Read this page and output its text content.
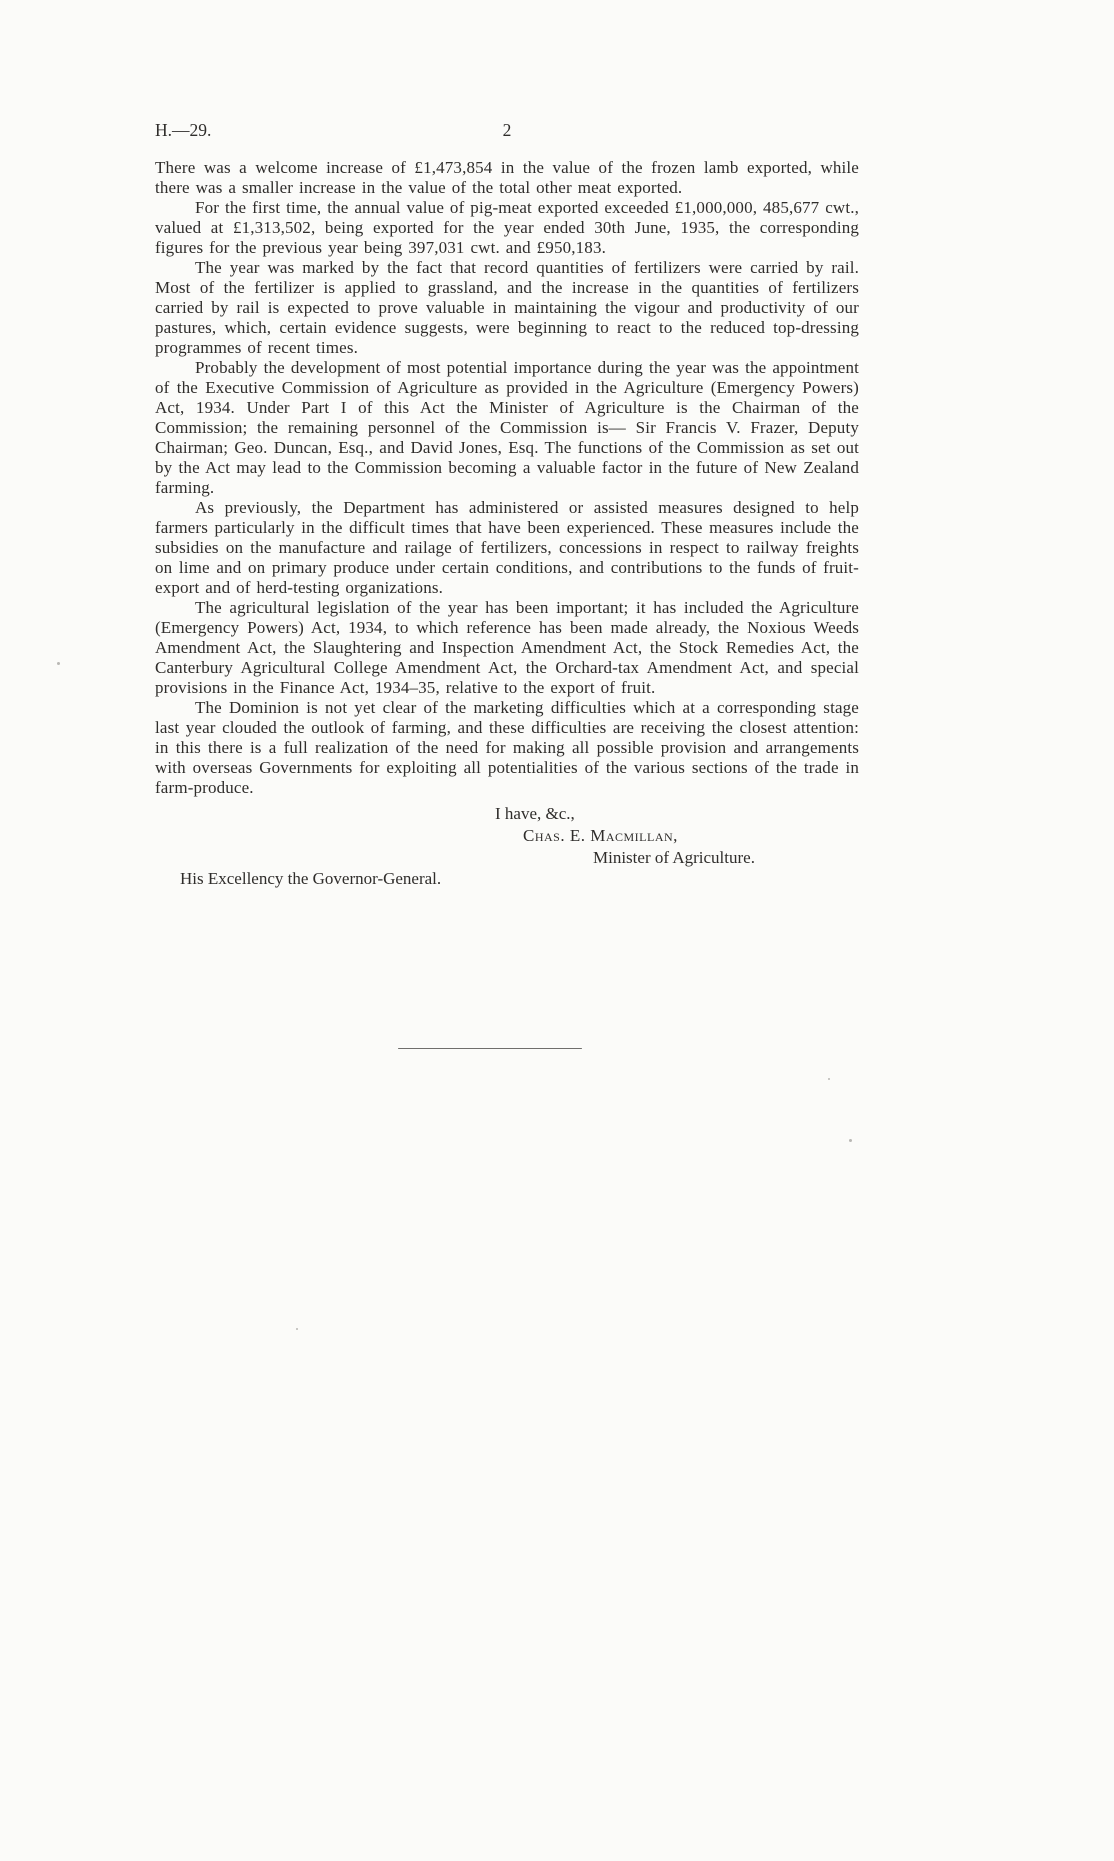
H.—29.	2

There was a welcome increase of £1,473,854 in the value of the frozen lamb exported, while there was a smaller increase in the value of the total other meat exported.

For the first time, the annual value of pig-meat exported exceeded £1,000,000, 485,677 cwt., valued at £1,313,502, being exported for the year ended 30th June, 1935, the corresponding figures for the previous year being 397,031 cwt. and £950,183.

The year was marked by the fact that record quantities of fertilizers were carried by rail. Most of the fertilizer is applied to grassland, and the increase in the quantities of fertilizers carried by rail is expected to prove valuable in maintaining the vigour and productivity of our pastures, which, certain evidence suggests, were beginning to react to the reduced top-dressing programmes of recent times.

Probably the development of most potential importance during the year was the appointment of the Executive Commission of Agriculture as provided in the Agriculture (Emergency Powers) Act, 1934. Under Part I of this Act the Minister of Agriculture is the Chairman of the Commission; the remaining personnel of the Commission is— Sir Francis V. Frazer, Deputy Chairman; Geo. Duncan, Esq., and David Jones, Esq. The functions of the Commission as set out by the Act may lead to the Commission becoming a valuable factor in the future of New Zealand farming.

As previously, the Department has administered or assisted measures designed to help farmers particularly in the difficult times that have been experienced. These measures include the subsidies on the manufacture and railage of fertilizers, concessions in respect to railway freights on lime and on primary produce under certain conditions, and contributions to the funds of fruit-export and of herd-testing organizations.

The agricultural legislation of the year has been important; it has included the Agriculture (Emergency Powers) Act, 1934, to which reference has been made already, the Noxious Weeds Amendment Act, the Slaughtering and Inspection Amendment Act, the Stock Remedies Act, the Canterbury Agricultural College Amendment Act, the Orchard-tax Amendment Act, and special provisions in the Finance Act, 1934–35, relative to the export of fruit.

The Dominion is not yet clear of the marketing difficulties which at a corresponding stage last year clouded the outlook of farming, and these difficulties are receiving the closest attention: in this there is a full realization of the need for making all possible provision and arrangements with overseas Governments for exploiting all potentialities of the various sections of the trade in farm-produce.

I have, &c.,
Chas. E. Macmillan,
Minister of Agriculture.
His Excellency the Governor-General.
